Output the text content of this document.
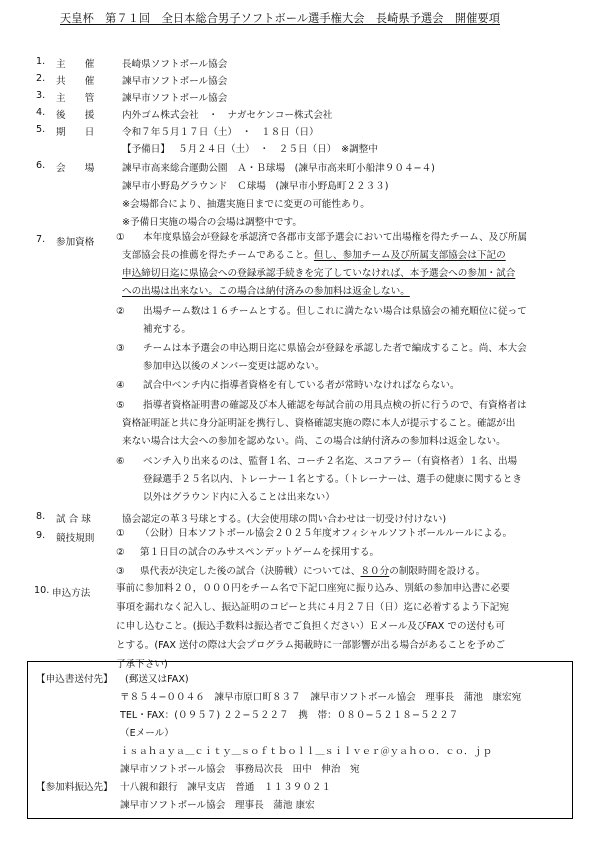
天皇杯　第７１回　全日本総合男子ソフトボール選手権大会　長崎県予選会　開催要項
1. 主　　催	長崎県ソフトボール協会
2. 共　　催	諫早市ソフトボール協会
3. 主　　管	諫早市ソフトボール協会
4. 後　　援	内外ゴム株式会社　・　ナガセケンコー株式会社
5. 期　　日	令和７年５月１７日（土）　・　１８日（日）
【予備日】 ５月２４日（土）　・　２５日（日）　※調整中
6. 会　　場	諫早市高来総合運動公園　Ａ・Ｂ球場　(諫早市高来町小船津９０４−４)
諫早市小野島グラウンド　Ｃ球場　(諫早市小野島町２２３３)
※会場都合により、抽選実施日までに変更の可能性あり。
※予備日実施の場合の会場は調整中です。
7. 参加資格 ① 本年度県協会が登録を承認済で各郡市支部予選会において出場権を得たチーム、及び所属
支部協会長の推薦を得たチームであること。但し、参加チーム及び所属支部協会は下記の
申込締切日迄に県協会への登録承認手続きを完了していなければ、本予選会への参加・試合
への出場は出来ない。この場合は納付済みの参加料は返金しない。
② 出場チーム数は１６チームとする。但しこれに満たない場合は県協会の補充順位に従って
補充する。
③ チームは本予選会の申込期日迄に県協会が登録を承認した者で編成すること。尚、本大会
参加申込以後のメンバー変更は認めない。
④ 試合中ベンチ内に指導者資格を有している者が常時いなければならない。
⑤ 指導者資格証明書の確認及び本人確認を毎試合前の用具点検の折に行うので、有資格者は
資格証明証と共に身分証明証を携行し、資格確認実施の際に本人が提示すること。確認が出
来ない場合は大会への参加を認めない。尚、この場合は納付済みの参加料は返金しない。
⑥ ベンチ入り出来るのは、監督１名、コーチ２名迄、スコアラー（有資格者）１名、出場
登録選手２５名以内、トレーナー１名とする。（トレーナーは、選手の健康に関するとき
以外はグラウンド内に入ることは出来ない）
8. 試 合 球	協会認定の革３号球とする。(大会使用球の問い合わせは一切受け付けない)
9. 競技規則 ① （公財）日本ソフトボール協会２０２５年度オフィシャルソフトボールルールによる。
② 第１日目の試合のみサスペンデットゲームを採用する。
③ 県代表が決定した後の試合（決勝戦）については、８０分の制限時間を設ける。
10. 申込方法	事前に参加料２０，０００円をチーム名で下記口座宛に振り込み、別紙の参加申込書に必要
事項を漏れなく記入し、振込証明のコピーと共に４月２７日（日）迄に必着するよう下記宛
に申し込むこと。(振込手数料は振込者でご負担ください）Ｅメール及びFAX での送付も可
とする。(FAX 送付の際は大会プログラム掲載時に一部影響が出る場合があることを予めご
了承下さい)
【申込書送付先】 (郵送又はFAX)
〒８５４−００４６　諫早市原口町８３７　諫早市ソフトボール協会　理事長　蒲池　康宏宛
TEL・FAX：(０９５７) ２２−５２２７　携　帯：０８０−５２１８−５２２７
（Eメール）
ｉｓａｈａｙａ＿ｃｉｔｙ＿ｓｏｆｔｂｏｌｌ＿ｓｉｌｖｅｒ＠ｙａｈｏｏ．ｃｏ．ｊｐ
諫早市ソフトボール協会　事務局次長　田中　伸治　宛
【参加料振込先】 十八親和銀行　諫早支店　普通　１１３９０２１
諫早市ソフトボール協会　理事長　蒲池 康宏
